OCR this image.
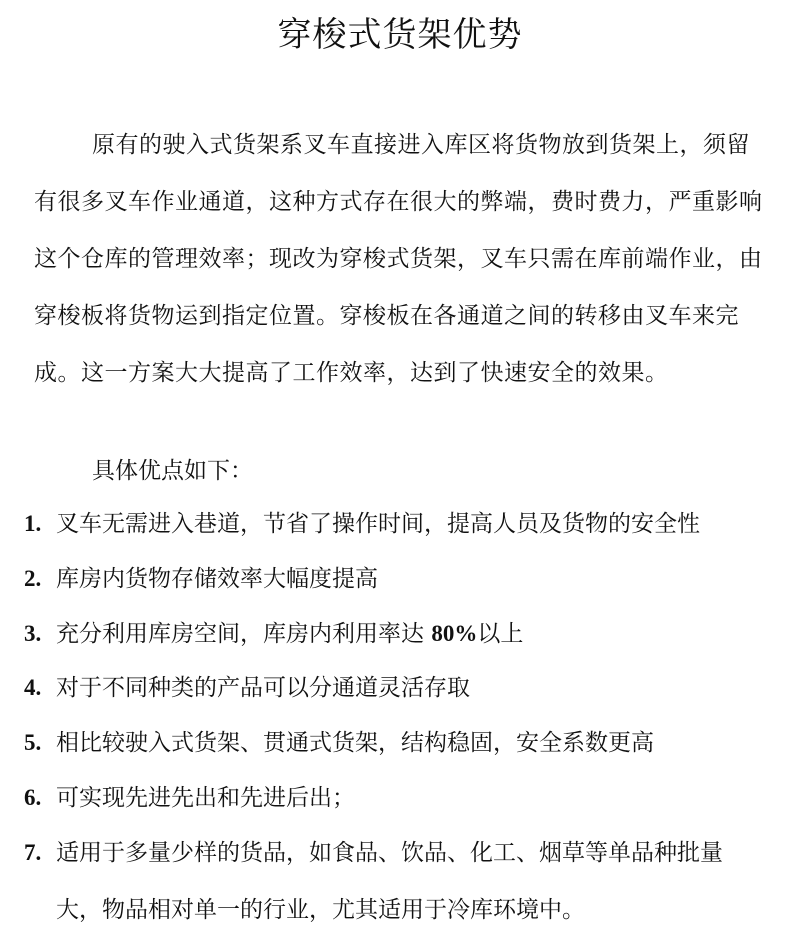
穿梭式货架优势

原有的驶入式货架系叉车直接进入库区将货物放到货架上，须留有很多叉车作业通道，这种方式存在很大的弊端，费时费力，严重影响这个仓库的管理效率；现改为穿梭式货架，叉车只需在库前端作业，由穿梭板将货物运到指定位置。穿梭板在各通道之间的转移由叉车来完成。这一方案大大提高了工作效率，达到了快速安全的效果。

具体优点如下：

1. 叉车无需进入巷道，节省了操作时间，提高人员及货物的安全性
2. 库房内货物存储效率大幅度提高
3. 充分利用库房空间，库房内利用率达 80%以上
4. 对于不同种类的产品可以分通道灵活存取
5. 相比较驶入式货架、贯通式货架，结构稳固，安全系数更高
6. 可实现先进先出和先进后出；
7. 适用于多量少样的货品，如食品、饮品、化工、烟草等单品种批量大，物品相对单一的行业，尤其适用于冷库环境中。
